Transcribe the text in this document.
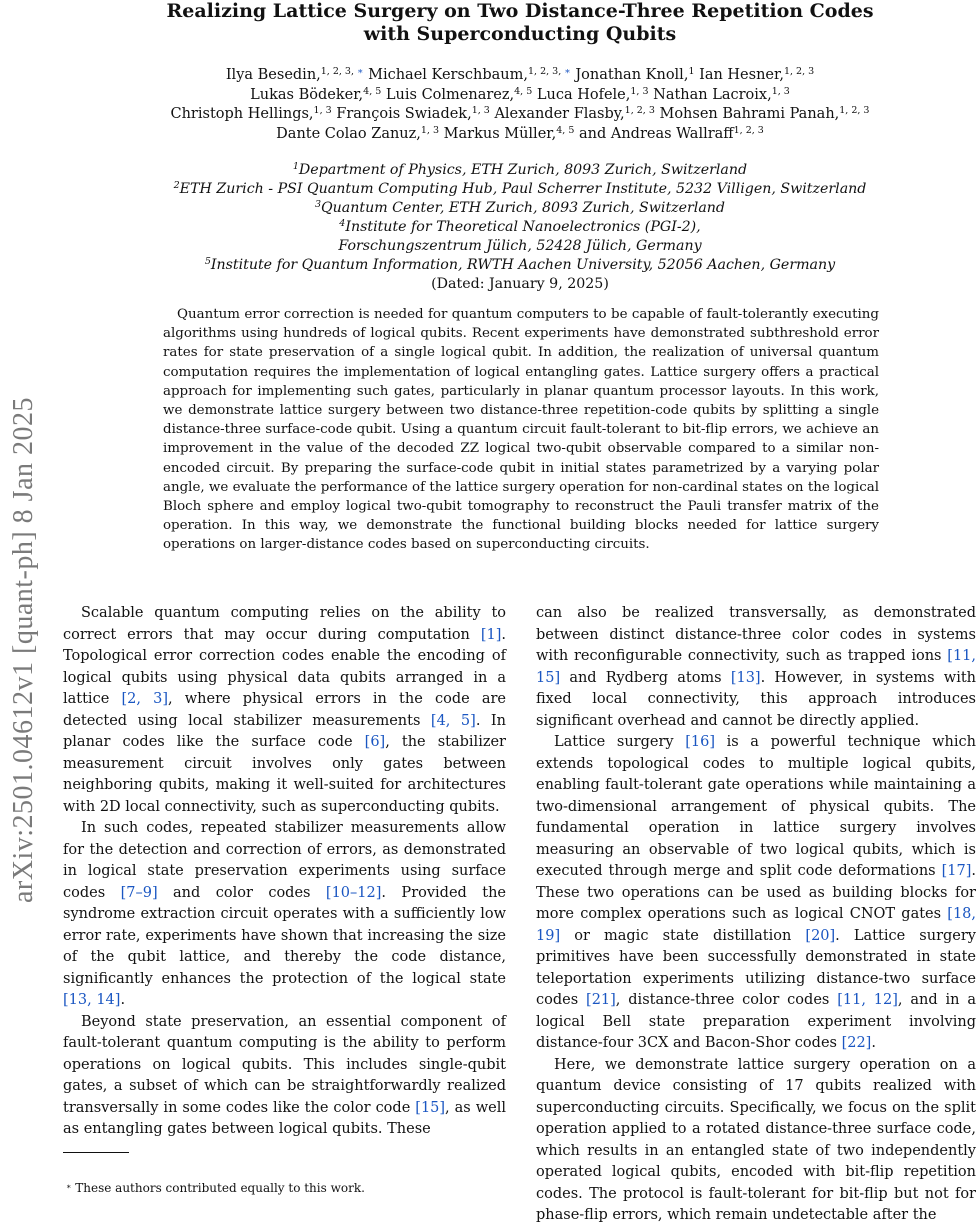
arXiv:2501.04612v1 [quant-ph] 8 Jan 2025
Realizing Lattice Surgery on Two Distance-Three Repetition Codes
with Superconducting Qubits
Ilya Besedin,$^{1, 2, 3, ∗}$ Michael Kerschbaum,$^{1, 2, 3, ∗}$ Jonathan Knoll,$^1$ Ian Hesner,$^{1, 2, 3}$
Lukas Bödeker,$^{4, 5}$ Luis Colmenarez,$^{4, 5}$ Luca Hofele,$^{1, 3}$ Nathan Lacroix,$^{1, 3}$
Christoph Hellings,$^{1, 3}$ François Swiadek,$^{1, 3}$ Alexander Flasby,$^{1, 2, 3}$ Mohsen Bahrami Panah,$^{1, 2, 3}$
Dante Colao Zanuz,$^{1, 3}$ Markus Müller,$^{4, 5}$ and Andreas Wallraff$^{1, 2, 3}$
$^1$Department of Physics, ETH Zurich, 8093 Zurich, Switzerland
$^2$ETH Zurich - PSI Quantum Computing Hub, Paul Scherrer Institute, 5232 Villigen, Switzerland
$^3$Quantum Center, ETH Zurich, 8093 Zurich, Switzerland
$^4$Institute for Theoretical Nanoelectronics (PGI-2),
Forschungszentrum Jülich, 52428 Jülich, Germany
$^5$Institute for Quantum Information, RWTH Aachen University, 52056 Aachen, Germany
(Dated: January 9, 2025)
Quantum error correction is needed for quantum computers to be capable of fault-tolerantly executing algorithms using hundreds of logical qubits. Recent experiments have demonstrated subthreshold error rates for state preservation of a single logical qubit. In addition, the realization of universal quantum computation requires the implementation of logical entangling gates. Lattice surgery offers a practical approach for implementing such gates, particularly in planar quantum processor layouts. In this work, we demonstrate lattice surgery between two distance-three repetition-code qubits by splitting a single distance-three surface-code qubit. Using a quantum circuit fault-tolerant to bit-flip errors, we achieve an improvement in the value of the decoded ZZ logical two-qubit observable compared to a similar non-encoded circuit. By preparing the surface-code qubit in initial states parametrized by a varying polar angle, we evaluate the performance of the lattice surgery operation for non-cardinal states on the logical Bloch sphere and employ logical two-qubit tomography to reconstruct the Pauli transfer matrix of the operation. In this way, we demonstrate the functional building blocks needed for lattice surgery operations on larger-distance codes based on superconducting circuits.

Scalable quantum computing relies on the ability to correct errors that may occur during computation [1]. Topological error correction codes enable the encoding of logical qubits using physical data qubits arranged in a lattice [2, 3], where physical errors in the code are detected using local stabilizer measurements [4, 5]. In planar codes like the surface code [6], the stabilizer measurement circuit involves only gates between neighboring qubits, making it well-suited for architectures with 2D local connectivity, such as superconducting qubits.

In such codes, repeated stabilizer measurements allow for the detection and correction of errors, as demonstrated in logical state preservation experiments using surface codes [7–9] and color codes [10–12]. Provided the syndrome extraction circuit operates with a sufficiently low error rate, experiments have shown that increasing the size of the qubit lattice, and thereby the code distance, significantly enhances the protection of the logical state [13, 14].

Beyond state preservation, an essential component of fault-tolerant quantum computing is the ability to perform operations on logical qubits. This includes single-qubit gates, a subset of which can be straightforwardly realized transversally in some codes like the color code [15], as well as entangling gates between logical qubits. These

can also be realized transversally, as demonstrated between distinct distance-three color codes in systems with reconfigurable connectivity, such as trapped ions [11, 15] and Rydberg atoms [13]. However, in systems with fixed local connectivity, this approach introduces significant overhead and cannot be directly applied.

Lattice surgery [16] is a powerful technique which extends topological codes to multiple logical qubits, enabling fault-tolerant gate operations while maintaining a two-dimensional arrangement of physical qubits. The fundamental operation in lattice surgery involves measuring an observable of two logical qubits, which is executed through merge and split code deformations [17]. These two operations can be used as building blocks for more complex operations such as logical CNOT gates [18, 19] or magic state distillation [20]. Lattice surgery primitives have been successfully demonstrated in state teleportation experiments utilizing distance-two surface codes [21], distance-three color codes [11, 12], and in a logical Bell state preparation experiment involving distance-four 3CX and Bacon-Shor codes [22].

Here, we demonstrate lattice surgery operation on a quantum device consisting of 17 qubits realized with superconducting circuits. Specifically, we focus on the split operation applied to a rotated distance-three surface code, which results in an entangled state of two independently operated logical qubits, encoded with bit-flip repetition codes. The protocol is fault-tolerant for bit-flip but not for phase-flip errors, which remain undetectable after the

∗ These authors contributed equally to this work.
